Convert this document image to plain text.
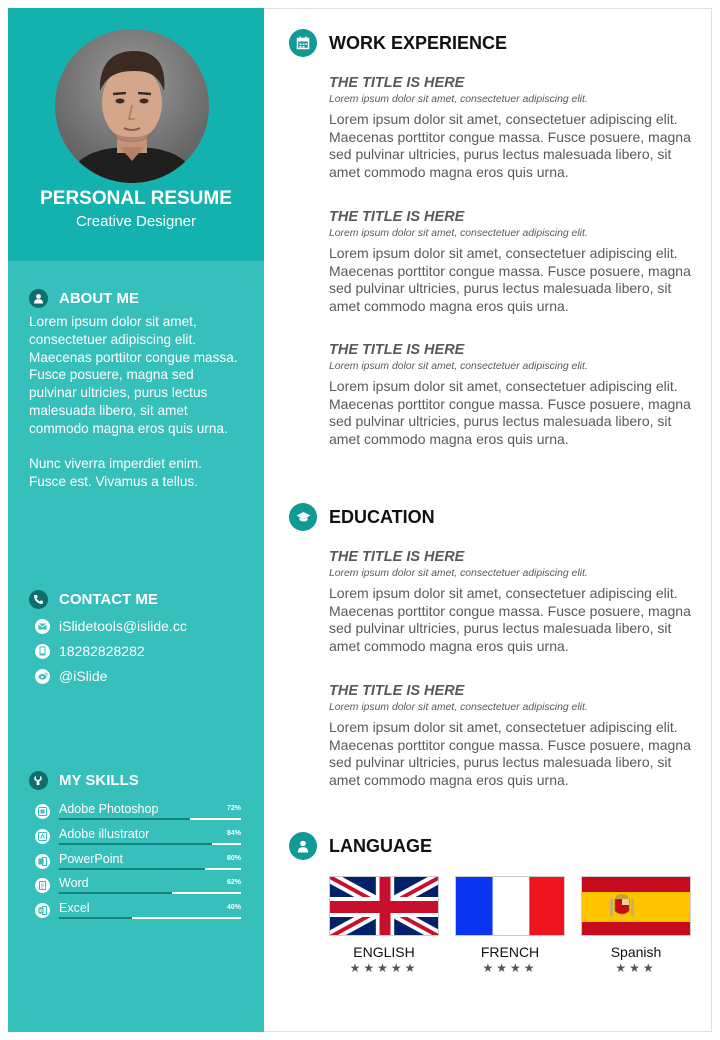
PERSONAL RESUME
Creative Designer
ABOUT ME

Lorem ipsum dolor sit amet, consectetuer adipiscing elit. Maecenas porttitor congue massa. Fusce posuere, magna sed pulvinar ultricies, purus lectus malesuada libero, sit amet commodo magna eros quis urna.

Nunc viverra imperdiet enim. Fusce est. Vivamus a tellus.

CONTACT ME
iSlidetools@islide.cc
18282828282
@iSlide
MY SKILLS
Adobe Photoshop	72%
Adobe illustrator	84%
PowerPoint	80%
Word	62%
Excel	40%
WORK EXPERIENCE
THE TITLE IS HERE
Lorem ipsum dolor sit amet, consectetuer adipiscing elit.
Lorem ipsum dolor sit amet, consectetuer adipiscing elit. Maecenas porttitor congue massa. Fusce posuere, magna sed pulvinar ultricies, purus lectus malesuada libero, sit amet commodo magna eros quis urna.
THE TITLE IS HERE
Lorem ipsum dolor sit amet, consectetuer adipiscing elit.
Lorem ipsum dolor sit amet, consectetuer adipiscing elit. Maecenas porttitor congue massa. Fusce posuere, magna sed pulvinar ultricies, purus lectus malesuada libero, sit amet commodo magna eros quis urna.
THE TITLE IS HERE
Lorem ipsum dolor sit amet, consectetuer adipiscing elit.
Lorem ipsum dolor sit amet, consectetuer adipiscing elit. Maecenas porttitor congue massa. Fusce posuere, magna sed pulvinar ultricies, purus lectus malesuada libero, sit amet commodo magna eros quis urna.
EDUCATION
THE TITLE IS HERE
Lorem ipsum dolor sit amet, consectetuer adipiscing elit.
Lorem ipsum dolor sit amet, consectetuer adipiscing elit. Maecenas porttitor congue massa. Fusce posuere, magna sed pulvinar ultricies, purus lectus malesuada libero, sit amet commodo magna eros quis urna.
THE TITLE IS HERE
Lorem ipsum dolor sit amet, consectetuer adipiscing elit.
Lorem ipsum dolor sit amet, consectetuer adipiscing elit. Maecenas porttitor congue massa. Fusce posuere, magna sed pulvinar ultricies, purus lectus malesuada libero, sit amet commodo magna eros quis urna.
LANGUAGE
ENGLISH
★★★★★
FRENCH
★★★★
Spanish
★★★
